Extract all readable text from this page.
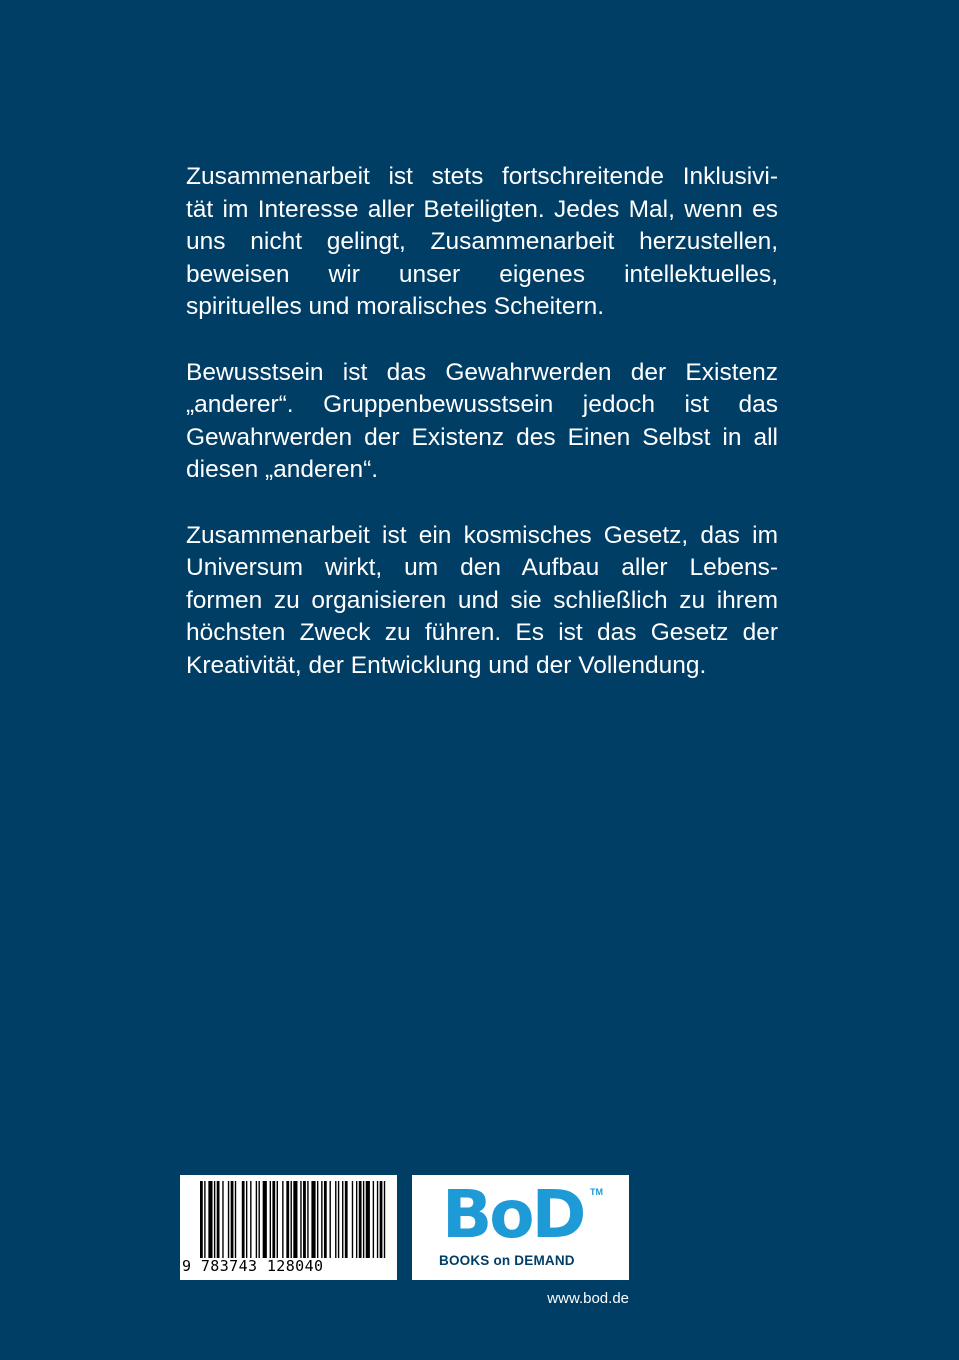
Zusammenarbeit ist stets fortschreitende Inklusivi-
tät im Interesse aller Beteiligten. Jedes Mal, wenn es
uns nicht gelingt, Zusammenarbeit herzustellen,
beweisen wir unser eigenes intellektuelles,
spirituelles und moralisches Scheitern.

Bewusstsein ist das Gewahrwerden der Existenz
„anderer“. Gruppenbewusstsein jedoch ist das
Gewahrwerden der Existenz des Einen Selbst in all
diesen „anderen“.

Zusammenarbeit ist ein kosmisches Gesetz, das im
Universum wirkt, um den Aufbau aller Lebens-
formen zu organisieren und sie schließlich zu ihrem
höchsten Zweck zu führen. Es ist das Gesetz der
Kreativität, der Entwicklung und der Vollendung.

9 783743 128040
BoD TM
BOOKS on DEMAND
www.bod.de
